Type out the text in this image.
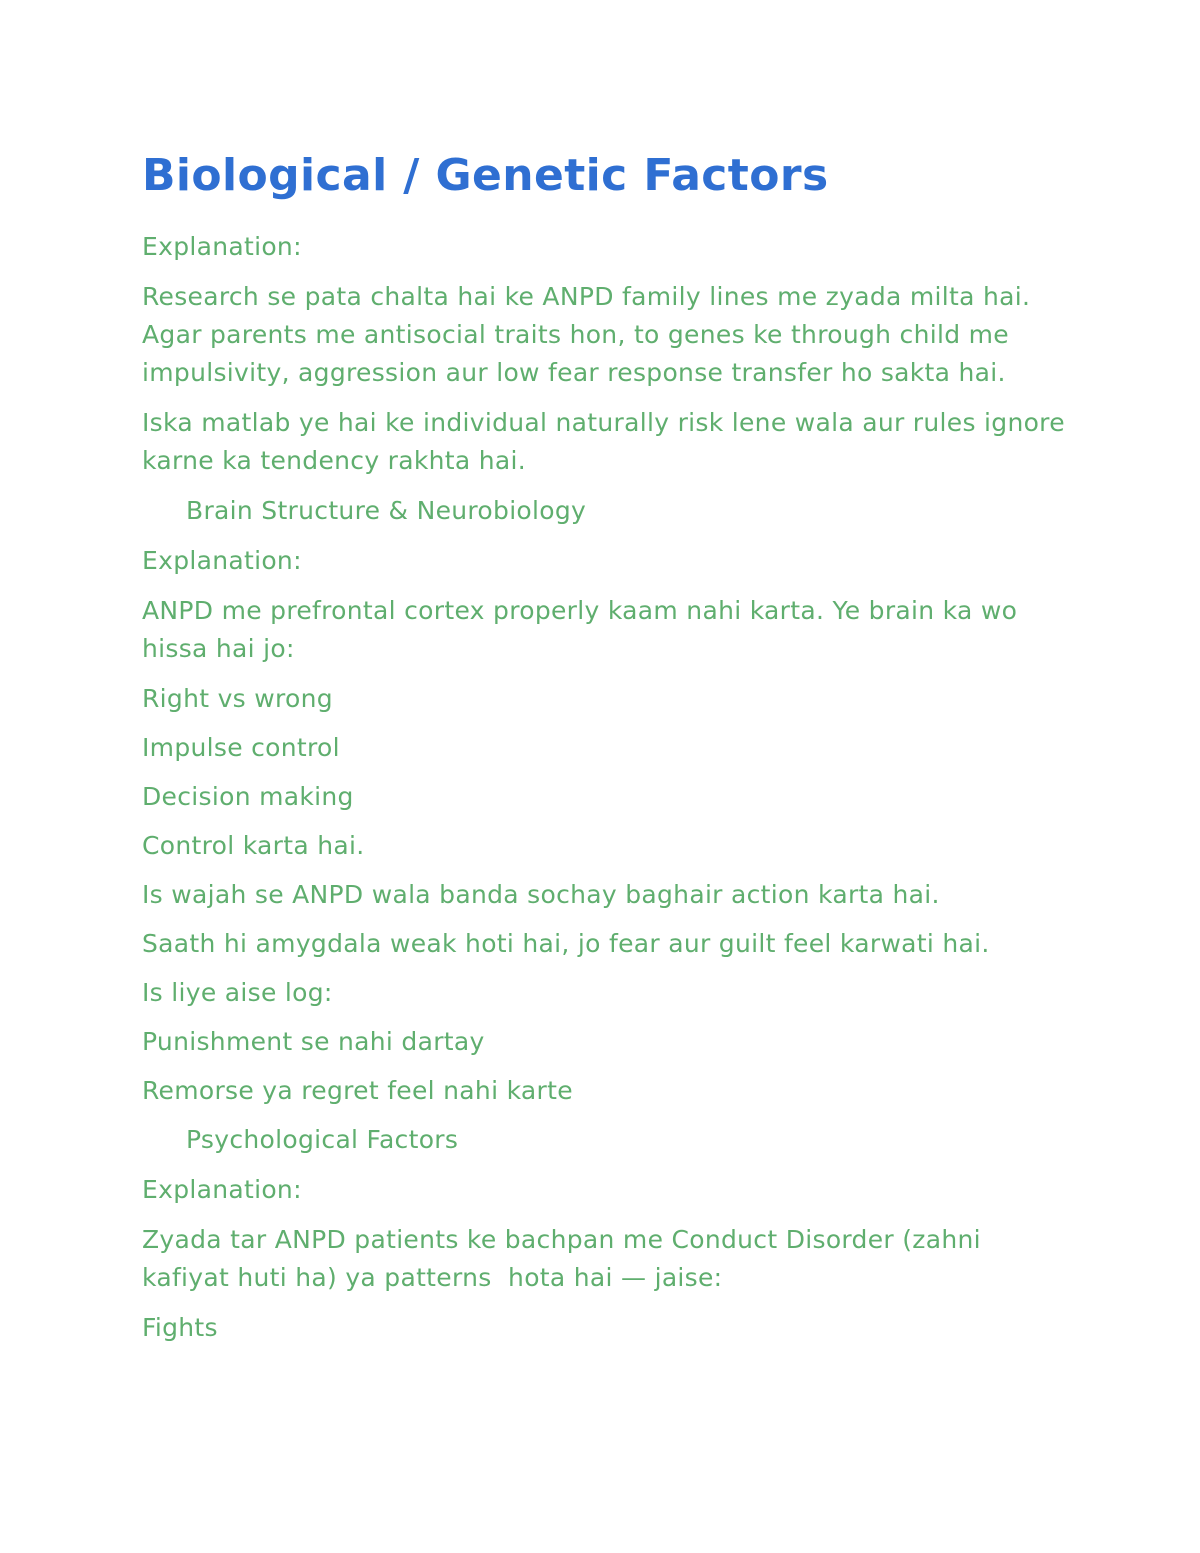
Biological / Genetic Factors

Explanation:

Research se pata chalta hai ke ANPD family lines me zyada milta hai. Agar parents me antisocial traits hon, to genes ke through child me impulsivity, aggression aur low fear response transfer ho sakta hai.

Iska matlab ye hai ke individual naturally risk lene wala aur rules ignore karne ka tendency rakhta hai.

Brain Structure & Neurobiology

Explanation:

ANPD me prefrontal cortex properly kaam nahi karta. Ye brain ka wo hissa hai jo:

Right vs wrong

Impulse control

Decision making

Control karta hai.

Is wajah se ANPD wala banda sochay baghair action karta hai.

Saath hi amygdala weak hoti hai, jo fear aur guilt feel karwati hai.

Is liye aise log:

Punishment se nahi dartay

Remorse ya regret feel nahi karte

Psychological Factors

Explanation:

Zyada tar ANPD patients ke bachpan me Conduct Disorder (zahni kafiyat huti ha) ya patterns  hota hai — jaise:

Fights
